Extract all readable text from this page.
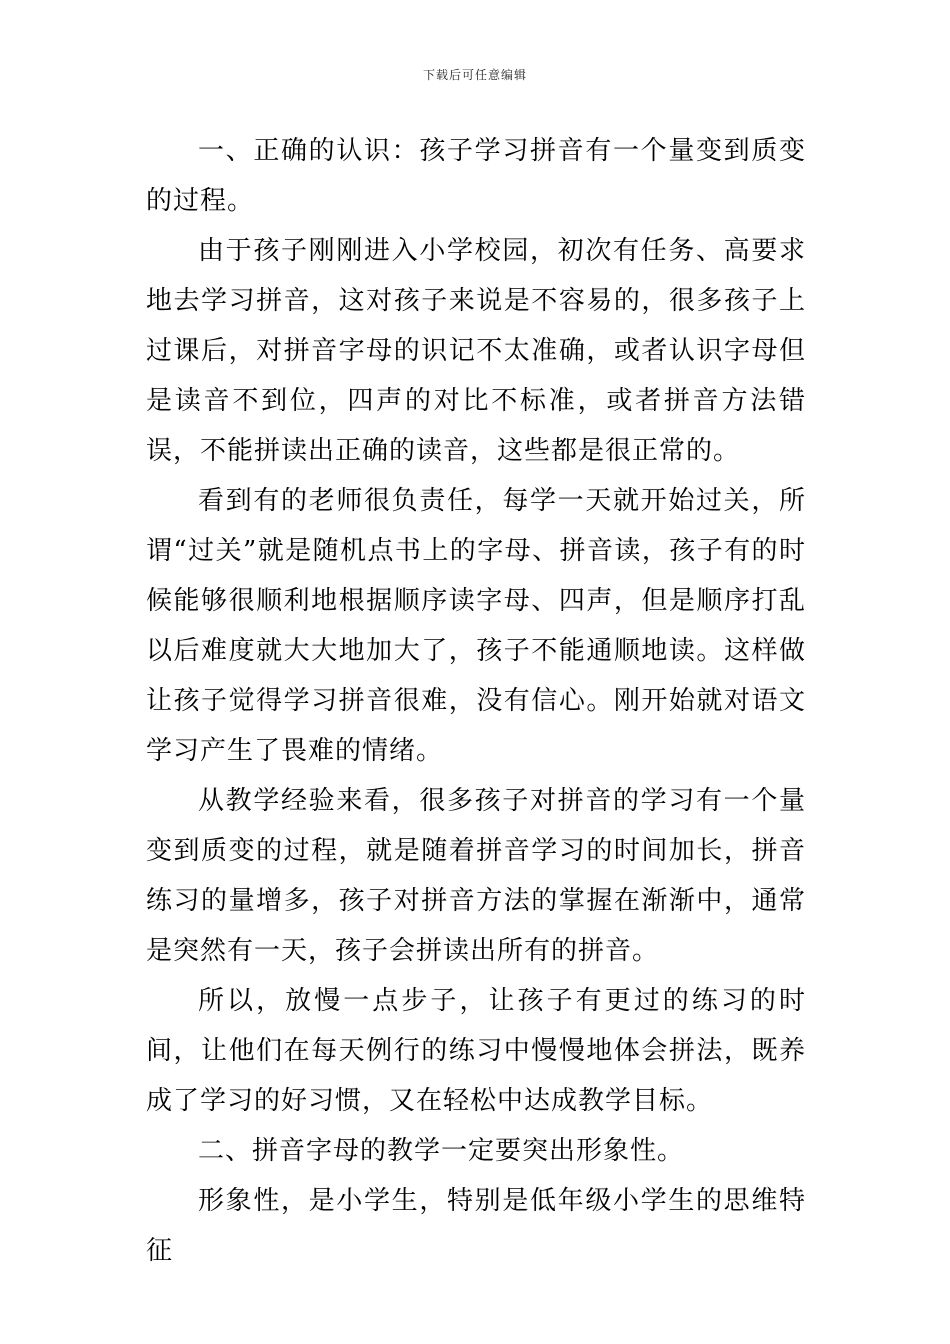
下载后可任意编辑

一、正确的认识：孩子学习拼音有一个量变到质变的过程。

由于孩子刚刚进入小学校园，初次有任务、高要求地去学习拼音，这对孩子来说是不容易的，很多孩子上过课后，对拼音字母的识记不太准确，或者认识字母但是读音不到位，四声的对比不标准，或者拼音方法错误，不能拼读出正确的读音，这些都是很正常的。

看到有的老师很负责任，每学一天就开始过关，所谓“过关”就是随机点书上的字母、拼音读，孩子有的时候能够很顺利地根据顺序读字母、四声，但是顺序打乱以后难度就大大地加大了，孩子不能通顺地读。这样做让孩子觉得学习拼音很难，没有信心。刚开始就对语文学习产生了畏难的情绪。

从教学经验来看，很多孩子对拼音的学习有一个量变到质变的过程，就是随着拼音学习的时间加长，拼音练习的量增多，孩子对拼音方法的掌握在渐渐中，通常是突然有一天，孩子会拼读出所有的拼音。

所以，放慢一点步子，让孩子有更过的练习的时间，让他们在每天例行的练习中慢慢地体会拼法，既养成了学习的好习惯，又在轻松中达成教学目标。

二、拼音字母的教学一定要突出形象性。

形象性，是小学生，特别是低年级小学生的思维特征
